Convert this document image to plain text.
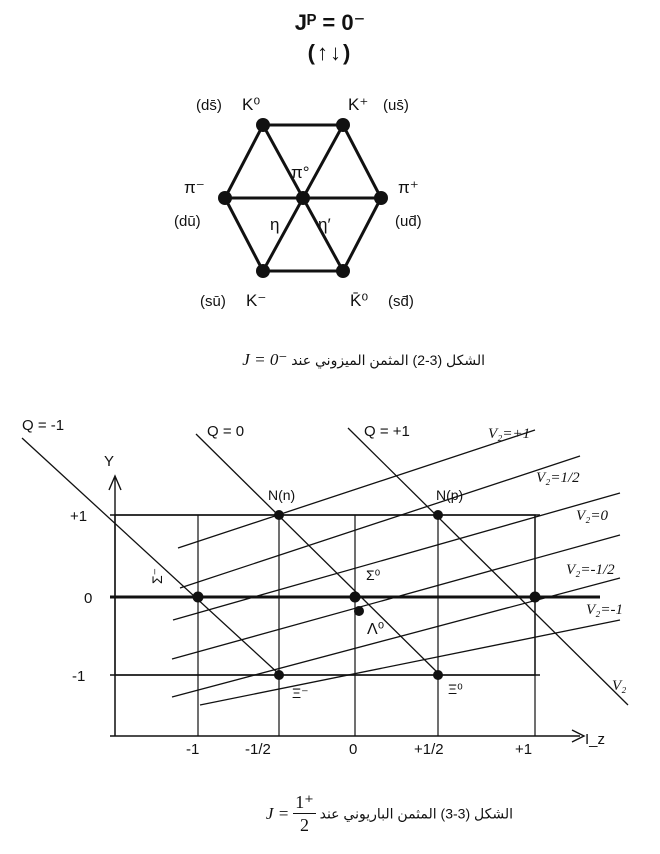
Jᴾ = 0⁻
(↑↓)
(ds̄) K⁰	K⁺ (us̄)
π⁻
(dū)
π⁺
(ud̄)
(sū) K⁻	K̄⁰ (sd̄)
π°
η η′
Y
+1
0
-1
-1	-1/2	0	+1/2	+1
I_z
Q = -1	Q = 0	Q = +1	V₂=+1
V₂=1/2
V₂=0
V₂=-1/2
V₂=-1
V₂
N(n)	N(p)
Σ⁻	Σ⁰
Λ⁰
Ξ⁻	Ξ⁰
الشكل (3-2) المثمن الميزوني عند J = 0⁻
الشكل (3-3) المثمن الباريوني عند
$J = \frac{1^+}{2}$
